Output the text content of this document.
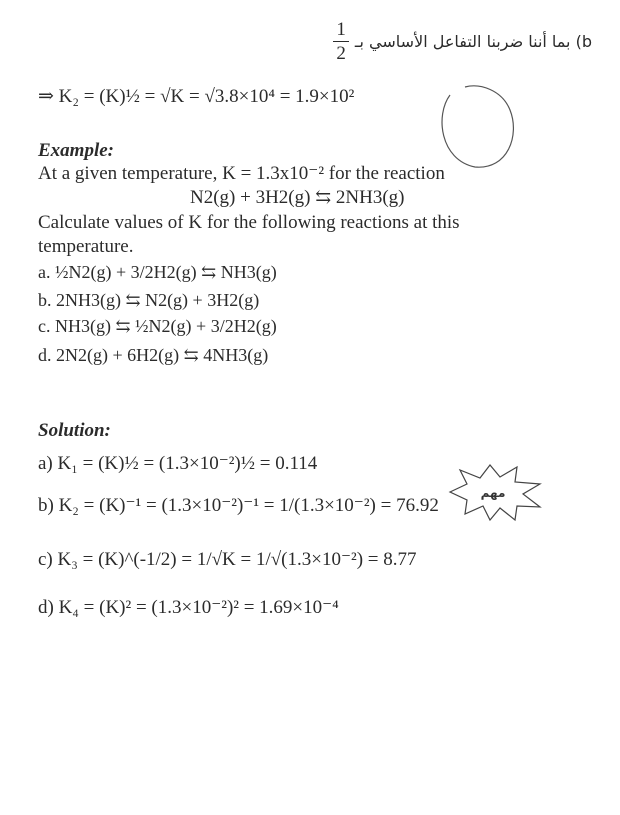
$\frac{1}{2} b$) بما أننا ضربنا التفاعل الأساسي بـ
⇒ K₂ = (K)½ = √K = √3.8×10⁴ = 1.9×10²
Example:
At a given temperature, K = 1.3x10⁻² for the reaction
N2(g) + 3H2(g) ⇆ 2NH3(g)
Calculate values of K for the following reactions at this
temperature.
a. ½N2(g) + 3/2H2(g) ⇆ NH3(g)
b. 2NH3(g) ⇆ N2(g) + 3H2(g)
c. NH3(g) ⇆ ½N2(g) + 3/2H2(g)
d. 2N2(g) + 6H2(g) ⇆ 4NH3(g)
Solution:
a) K₁ = (K)½ = (1.3×10⁻²)½ = 0.114
b) K₂ = (K)⁻¹ = (1.3×10⁻²)⁻¹ = 1/(1.3×10⁻²) = 76.92
c) K₃ = (K)^(-1/2) = 1/√K = 1/√(1.3×10⁻²) = 8.77
d) K₄ = (K)² = (1.3×10⁻²)² = 1.69×10⁻⁴
مهم
